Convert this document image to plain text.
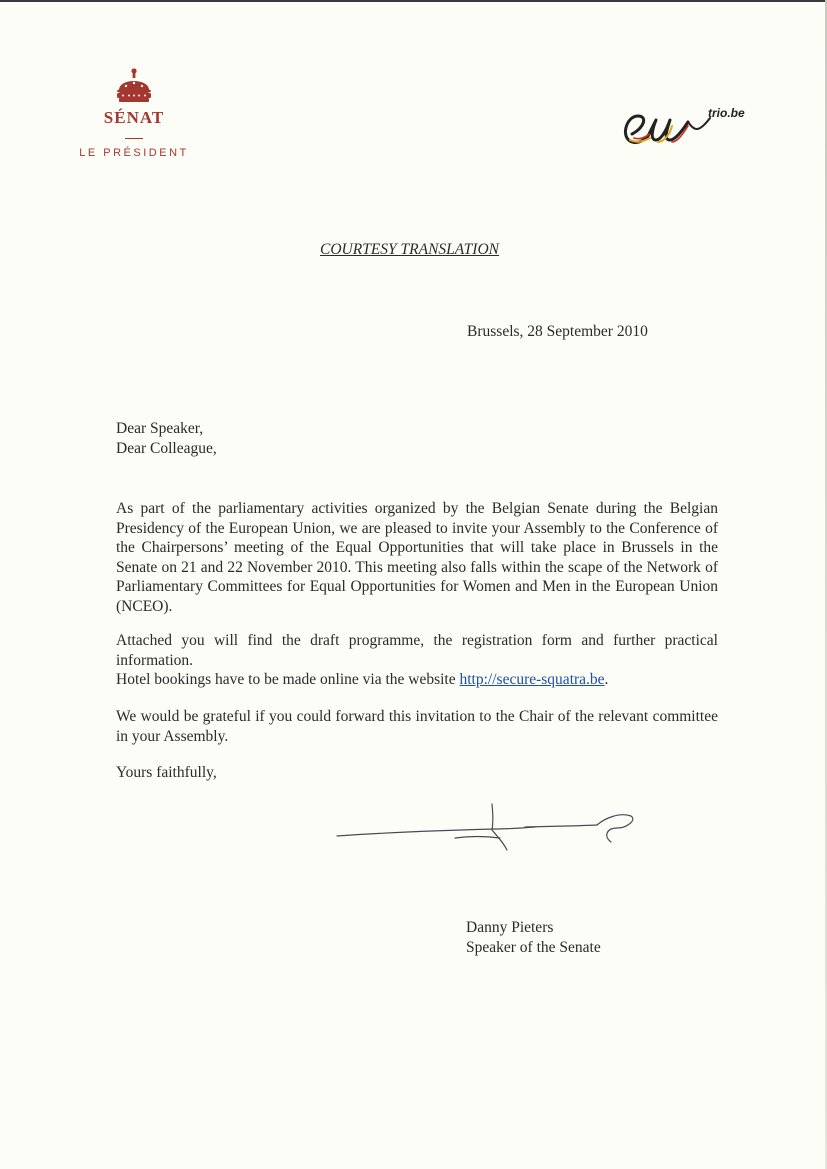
SÉNAT
LE PRÉSIDENT
trio.be
COURTESY TRANSLATION
Brussels, 28 September 2010
Dear Speaker,
Dear Colleague,
As part of the parliamentary activities organized by the Belgian Senate during the Belgian Presidency of the European Union, we are pleased to invite your Assembly to the Conference of the Chairpersons’ meeting of the Equal Opportunities that will take place in Brussels in the Senate on 21 and 22 November 2010. This meeting also falls within the scape of the Network of Parliamentary Committees for Equal Opportunities for Women and Men in the European Union (NCEO).
Attached you will find the draft programme, the registration form and further practical information.
Hotel bookings have to be made online via the website http://secure-squatra.be.
We would be grateful if you could forward this invitation to the Chair of the relevant committee in your Assembly.
Yours faithfully,
Danny Pieters
Speaker of the Senate
